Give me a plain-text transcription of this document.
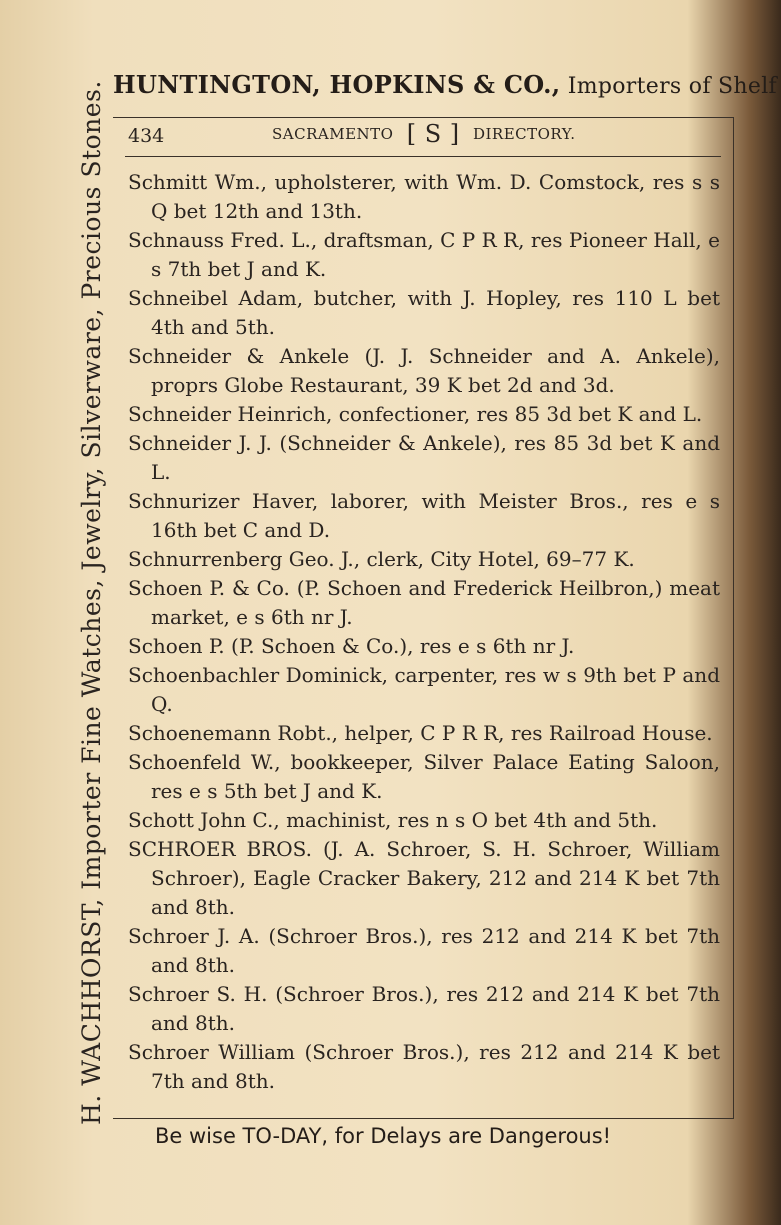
H. WACHHORST, Importer Fine Watches, Jewelry, Silverware, Precious Stones. HUNTINGTON, HOPKINS & CO., Importers of Shelf
434	SACRAMENTO [ S ] DIRECTORY.

Schmitt Wm., upholsterer, with Wm. D. Comstock, res s s Q bet 12th and 13th.

Schnauss Fred. L., draftsman, C P R R, res Pioneer Hall, e s 7th bet J and K.

Schneibel Adam, butcher, with J. Hopley, res 110 L bet 4th and 5th.

Schneider & Ankele (J. J. Schneider and A. Ankele), proprs Globe Restaurant, 39 K bet 2d and 3d.

Schneider Heinrich, confectioner, res 85 3d bet K and L.

Schneider J. J. (Schneider & Ankele), res 85 3d bet K and L.

Schnurizer Haver, laborer, with Meister Bros., res e s 16th bet C and D.

Schnurrenberg Geo. J., clerk, City Hotel, 69–77 K.

Schoen P. & Co. (P. Schoen and Frederick Heilbron,) meat market, e s 6th nr J.

Schoen P. (P. Schoen & Co.), res e s 6th nr J.

Schoenbachler Dominick, carpenter, res w s 9th bet P and Q.

Schoenemann Robt., helper, C P R R, res Railroad House.

Schoenfeld W., bookkeeper, Silver Palace Eating Saloon, res e s 5th bet J and K.

Schott John C., machinist, res n s O bet 4th and 5th.

SCHROER BROS. (J. A. Schroer, S. H. Schroer, William Schroer), Eagle Cracker Bakery, 212 and 214 K bet 7th and 8th.

Schroer J. A. (Schroer Bros.), res 212 and 214 K bet 7th and 8th.

Schroer S. H. (Schroer Bros.), res 212 and 214 K bet 7th and 8th.

Schroer William (Schroer Bros.), res 212 and 214 K bet 7th and 8th.

Be wise TO-DAY, for Delays are Dangerous!
